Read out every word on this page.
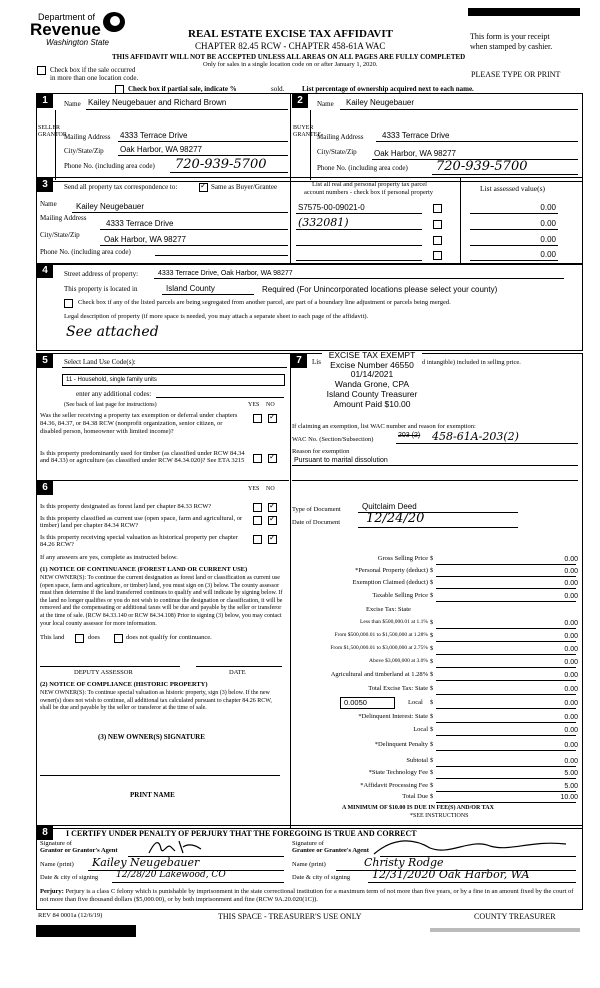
Department of
Revenue
Washington State
REAL ESTATE EXCISE TAX AFFIDAVIT
CHAPTER 82.45 RCW - CHAPTER 458-61A WAC
THIS AFFIDAVIT WILL NOT BE ACCEPTED UNLESS ALL AREAS ON ALL PAGES ARE FULLY COMPLETED
Only for sales in a single location code on or after January 1, 2020.
This form is your receipt
when stamped by cashier.
PLEASE TYPE OR PRINT
Check box if the sale occurred
in more than one location code.
Check box if partial sale, indicate %	sold.	List percentage of ownership acquired next to each name.
1	Name Kailey Neugebauer and Richard Brown
SELLER GRANTOR
Mailing Address 4333 Terrace Drive
City/State/Zip Oak Harbor, WA 98277
Phone No. (including area code) 720-939-5700
2	Name Kailey Neugebauer
BUYER GRANTEE
Mailing Address 4333 Terrace Drive
City/State/Zip Oak Harbor, WA 98277
Phone No. (including area code) 720-939-5700
3	Send all property tax correspondence to: ✓	Same as Buyer/Grantee
Name Kailey Neugebauer
Mailing Address
4333 Terrace Drive
City/State/Zip	Oak Harbor, WA 98277
Phone No. (including area code)
List all real and personal property tax parcel
account numbers - check box if personal property	List assessed value(s)
S7575-00-09021-0	0.00
(332081)	0.00
0.00
0.00
4	Street address of property:	4333 Terrace Drive, Oak Harbor, WA 98277
This property is located in	Island County	Required (For Unincorporated locations please select your county)
Check box if any of the listed parcels are being segregated from another parcel, are part of a boundary line adjustment or parcels being merged.
Legal description of property (if more space is needed, you may attach a separate sheet to each page of the affidavit).
See attached
5	Select Land Use Code(s):
11 - Household, single family units
enter any additional codes:
(See back of last page for instructions)	YES NO
Was the seller receiving a property tax exemption or deferral under chapters 84.36, 84.37, or 84.38 RCW (nonprofit organization, senior citizen, or disabled person, homeowner with limited income)?
✓
Is this property predominantly used for timber (as classified under RCW 84.34 and 84.33) or agriculture (as classified under RCW 84.34.020)? See ETA 3215
✓
6	YES NO
Is this property designated as forest land per chapter 84.33 RCW?
✓
Is this property classified as current use (open space, farm and agricultural, or timber) land per chapter 84.34 RCW?
✓
Is this property receiving special valuation as historical property per chapter 84.26 RCW?
✓
If any answers are yes, complete as instructed below.
(1) NOTICE OF CONTINUANCE (FOREST LAND OR CURRENT USE)
NEW OWNER(S): To continue the current designation as forest land or classification as current use (open space, farm and agriculture, or timber) land, you must sign on (3) below. The county assessor must then determine if the land transferred continues to qualify and will indicate by signing below. If the land no longer qualifies or you do not wish to continue the designation or classification, it will be removed and the compensating or additional taxes will be due and payable by the seller or transferor at the time of sale. (RCW 84.33.140 or RCW 84.34.108) Prior to signing (3) below, you may contact your local county assessor for more information.
This land	does	does not qualify for continuance.
DEPUTY ASSESSOR	DATE
(2) NOTICE OF COMPLIANCE (HISTORIC PROPERTY)
NEW OWNER(S): To continue special valuation as historic property, sign (3) below. If the new owner(s) does not wish to continue, all additional tax calculated pursuant to chapter 84.26 RCW, shall be due and payable by the seller or transferor at the time of sale.
(3) NEW OWNER(S) SIGNATURE
PRINT NAME
7	Lis	d intangible) included in selling price.
EXCISE TAX EXEMPT
Excise Number 46550
01/14/2021
Wanda Grone, CPA
Island County Treasurer
Amount Paid $10.00
If claiming an exemption, list WAC number and reason for exemption:
WAC No. (Section/Subsection)
203 (2) 458-61A-203(2)
Reason for exemption
Pursuant to marital dissolution
Type of Document	Quitclaim Deed
Date of Document 12/24/20
Gross Selling Price $	0.00
*Personal Property (deduct) $	0.00
Exemption Claimed (deduct) $	0.00
Taxable Selling Price $	0.00
Excise Tax: State
Less than $500,000.01 at 1.1% $	0.00
From $500,000.01 to $1,500,000 at 1.28% $	0.00
From $1,500,000.01 to $3,000,000 at 2.75% $	0.00
Above $3,000,000 at 3.0% $	0.00
Agricultural and timberland at 1.28% $	0.00
Total Excise Tax: State $	0.00
0.0050	Local $	0.00
*Delinquent Interest: State $	0.00
Local $	0.00
*Delinquent Penalty $	0.00
Subtotal $	0.00
*State Technology Fee $	5.00
*Affidavit Processing Fee $	5.00
Total Due $	10.00
A MINIMUM OF $10.00 IS DUE IN FEE(S) AND/OR TAX
*SEE INSTRUCTIONS
8	I CERTIFY UNDER PENALTY OF PERJURY THAT THE FOREGOING IS TRUE AND CORRECT
Signature of
Grantor or Grantor's Agent
Name (print) Kailey Neugebauer
Date & city of signing 12/28/20 Lakewood, CO
Signature of
Grantee or Grantee's Agent
Name (print)	Christy Rodge
Date & city of signing 12/31/2020 Oak Harbor, WA
Perjury: Perjury is a class C felony which is punishable by imprisonment in the state correctional institution for a maximum term of not more than five years, or by a fine in an amount fixed by the court of not more than five thousand dollars ($5,000.00), or by both imprisonment and fine (RCW 9A.20.020(1C)).
REV 84 0001a (12/6/19)	THIS SPACE - TREASURER'S USE ONLY	COUNTY TREASURER
